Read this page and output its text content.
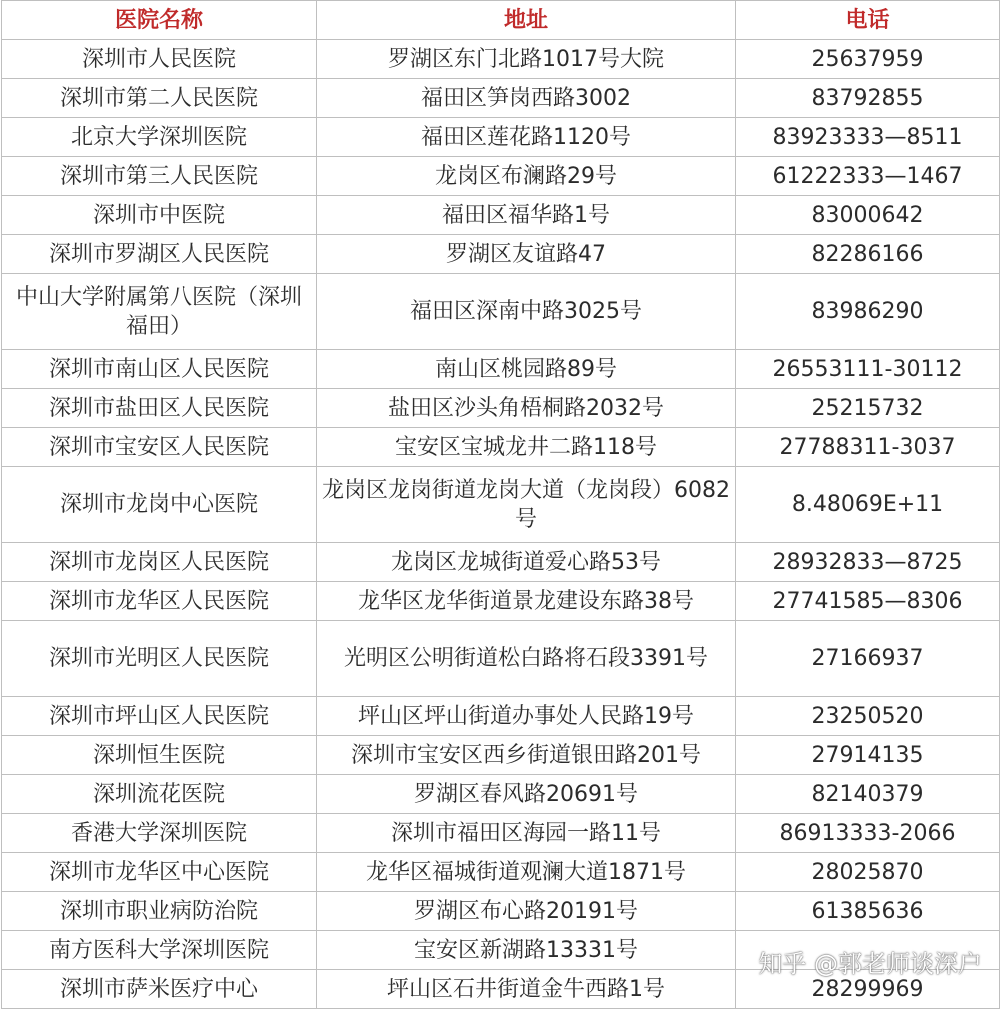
医院名称	地址	电话
深圳市人民医院	罗湖区东门北路1017号大院	25637959
深圳市第二人民医院	福田区笋岗西路3002	83792855
北京大学深圳医院	福田区莲花路1120号	83923333—8511
深圳市第三人民医院	龙岗区布澜路29号	61222333—1467
深圳市中医院	福田区福华路1号	83000642
深圳市罗湖区人民医院	罗湖区友谊路47	82286166
中山大学附属第八医院（深圳福田）	福田区深南中路3025号	83986290
深圳市南山区人民医院	南山区桃园路89号	26553111-30112
深圳市盐田区人民医院	盐田区沙头角梧桐路2032号	25215732
深圳市宝安区人民医院	宝安区宝城龙井二路118号	27788311-3037
深圳市龙岗中心医院	龙岗区龙岗街道龙岗大道（龙岗段）6082号	8.48069E+11
深圳市龙岗区人民医院	龙岗区龙城街道爱心路53号	28932833—8725
深圳市龙华区人民医院	龙华区龙华街道景龙建设东路38号	27741585—8306
深圳市光明区人民医院	光明区公明街道松白路将石段3391号	27166937
深圳市坪山区人民医院	坪山区坪山街道办事处人民路19号	23250520
深圳恒生医院	深圳市宝安区西乡街道银田路201号	27914135
深圳流花医院	罗湖区春风路20691号	82140379
香港大学深圳医院	深圳市福田区海园一路11号	86913333-2066
深圳市龙华区中心医院	龙华区福城街道观澜大道1871号	28025870
深圳市职业病防治院	罗湖区布心路20191号	61385636
南方医科大学深圳医院	宝安区新湖路13331号	
深圳市萨米医疗中心	坪山区石井街道金牛西路1号	28299969
知乎 @郭老师谈深户
